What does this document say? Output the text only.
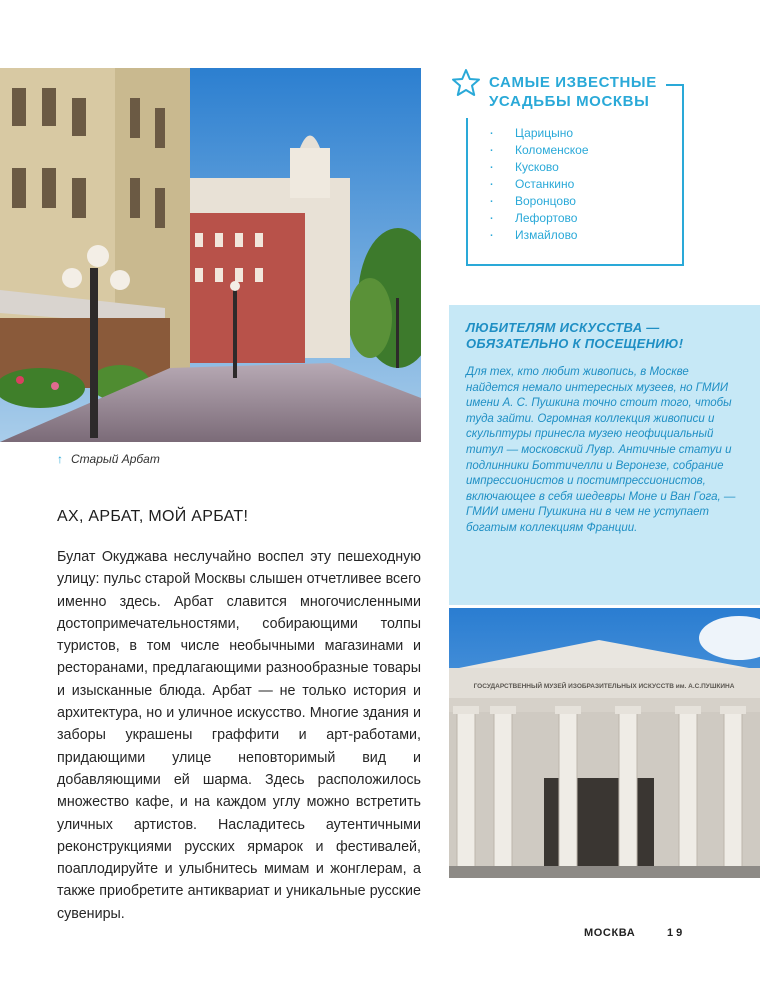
↑ Старый Арбат
АХ, АРБАТ, МОЙ АРБАТ!
Булат Окуджава неслучайно воспел эту пешеходную улицу: пульс старой Москвы слышен отчетливее всего именно здесь. Арбат славится многочисленными достопримечательностями, собирающими толпы туристов, в том числе необычными магазинами и ресторанами, предлагающими разнообразные товары и изысканные блюда. Арбат — не только история и архитектура, но и уличное искусство. Многие здания и заборы украшены граффити и арт-работами, придающими улице неповторимый вид и добавляющими ей шарма. Здесь расположилось множество кафе, и на каждом углу можно встретить уличных артистов. Насладитесь аутентичными реконструкциями русских ярмарок и фестивалей, поаплодируйте и улыбнитесь мимам и жонглерам, а также приобретите антиквариат и уникальные русские сувениры.
САМЫЕ ИЗВЕСТНЫЕ УСАДЬБЫ МОСКВЫ
· Царицыно
· Коломенское
· Кусково
· Останкино
· Воронцово
· Лефортово
· Измайлово
ЛЮБИТЕЛЯМ ИСКУССТВА — ОБЯЗАТЕЛЬНО К ПОСЕЩЕНИЮ!
Для тех, кто любит живопись, в Москве найдется немало интересных музеев, но ГМИИ имени А. С. Пушкина точно стоит того, чтобы туда зайти. Огромная коллекция живописи и скульптуры принесла музею неофициальный титул — московский Лувр. Античные статуи и подлинники Боттичелли и Веронезе, собрание импрессионистов и постимпрессионистов, включающее в себя шедевры Моне и Ван Гога, — ГМИИ имени Пушкина ни в чем не уступает богатым коллекциям Франции.
ГОСУДАРСТВЕННЫЙ МУЗЕЙ ИЗОБРАЗИТЕЛЬНЫХ ИСКУССТВ им. А.С.ПУШКИНА
МОСКВА	19
